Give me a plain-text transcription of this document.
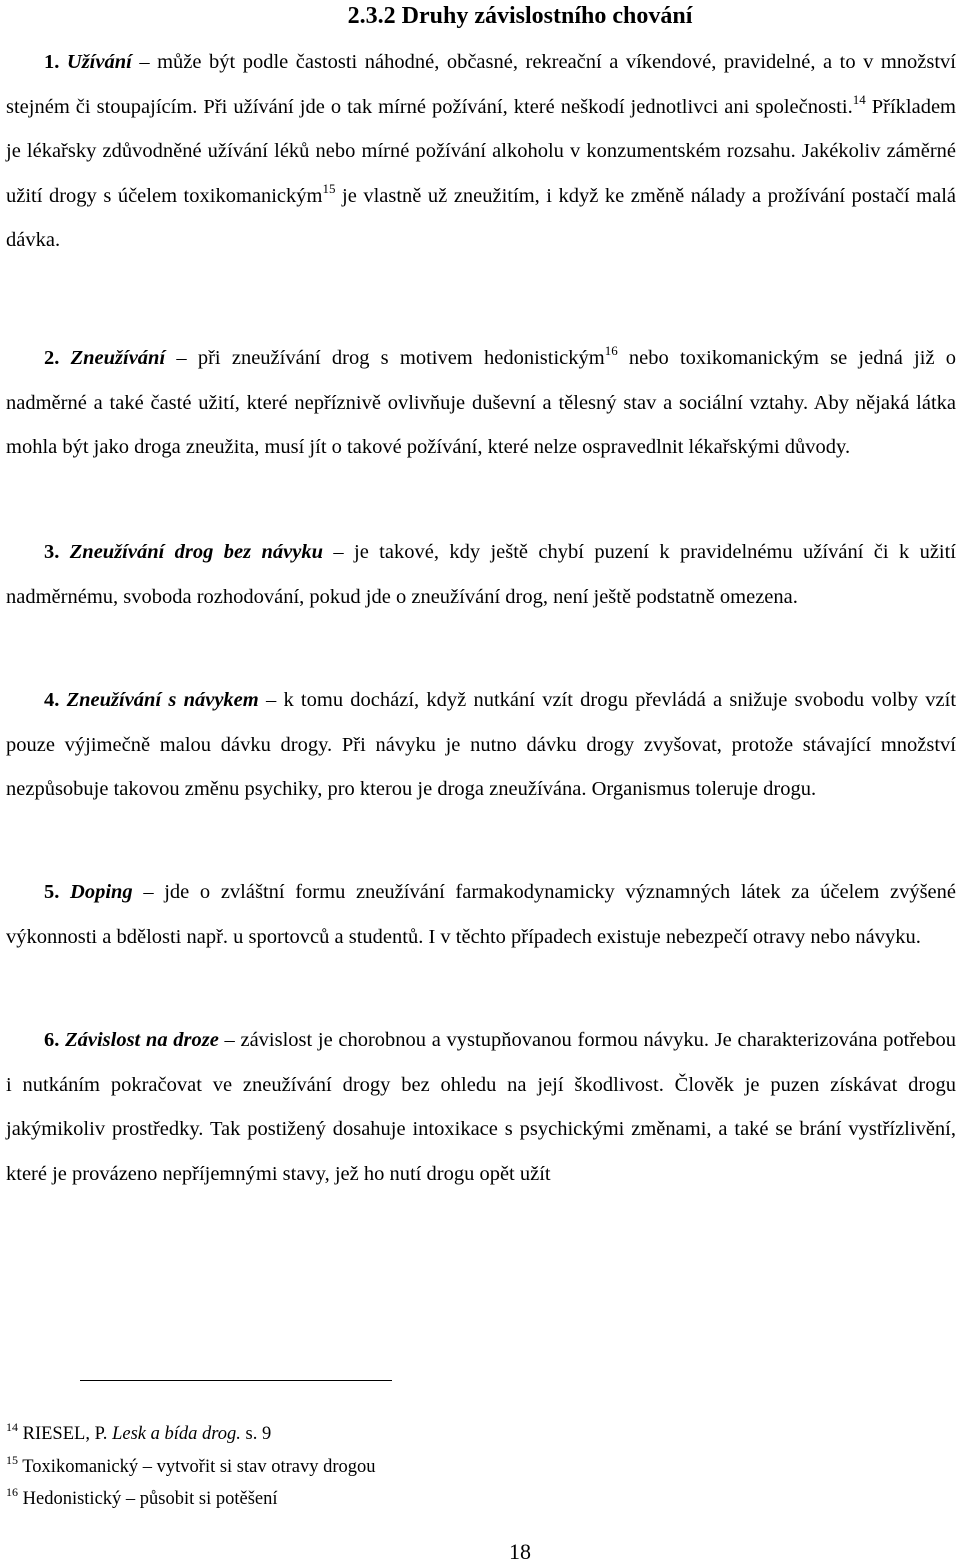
2.3.2 Druhy závislostního chování

1. Užívání – může být podle častosti náhodné, občasné, rekreační a víkendové, pravidelné, a to v množství stejném či stoupajícím. Při užívání jde o tak mírné požívání, které neškodí jednotlivci ani společnosti.$^{14}$ Příkladem je lékařsky zdůvodněné užívání léků nebo mírné požívání alkoholu v konzumentském rozsahu. Jakékoliv záměrné užití drogy s účelem toxikomanickým$^{15}$ je vlastně už zneužitím, i když ke změně nálady a prožívání postačí malá dávka.

2. Zneužívání – při zneužívání drog s motivem hedonistickým$^{16}$ nebo toxikomanickým se jedná již o nadměrné a také časté užití, které nepříznivě ovlivňuje duševní a tělesný stav a sociální vztahy. Aby nějaká látka mohla být jako droga zneužita, musí jít o takové požívání, které nelze ospravedlnit lékařskými důvody.

3. Zneužívání drog bez návyku – je takové, kdy ještě chybí puzení k pravidelnému užívání či k užití nadměrnému, svoboda rozhodování, pokud jde o zneužívání drog, není ještě podstatně omezena.

4. Zneužívání s návykem – k tomu dochází, když nutkání vzít drogu převládá a snižuje svobodu volby vzít pouze výjimečně malou dávku drogy. Při návyku je nutno dávku drogy zvyšovat, protože stávající množství nezpůsobuje takovou změnu psychiky, pro kterou je droga zneužívána. Organismus toleruje drogu.

5. Doping – jde o zvláštní formu zneužívání farmakodynamicky významných látek za účelem zvýšené výkonnosti a bdělosti např. u sportovců a studentů. I v těchto případech existuje nebezpečí otravy nebo návyku.

6. Závislost na droze – závislost je chorobnou a vystupňovanou formou návyku. Je charakterizována potřebou i nutkáním pokračovat ve zneužívání drogy bez ohledu na její škodlivost. Člověk je puzen získávat drogu jakýmikoliv prostředky. Tak postižený dosahuje intoxikace s psychickými změnami, a také se brání vystřízlivění, které je provázeno nepříjemnými stavy, jež ho nutí drogu opět užít

$^{14}$ RIESEL, P. Lesk a bída drog. s. 9
$^{15}$ Toxikomanický – vytvořit si stav otravy drogou
$^{16}$ Hedonistický – působit si potěšení
18
